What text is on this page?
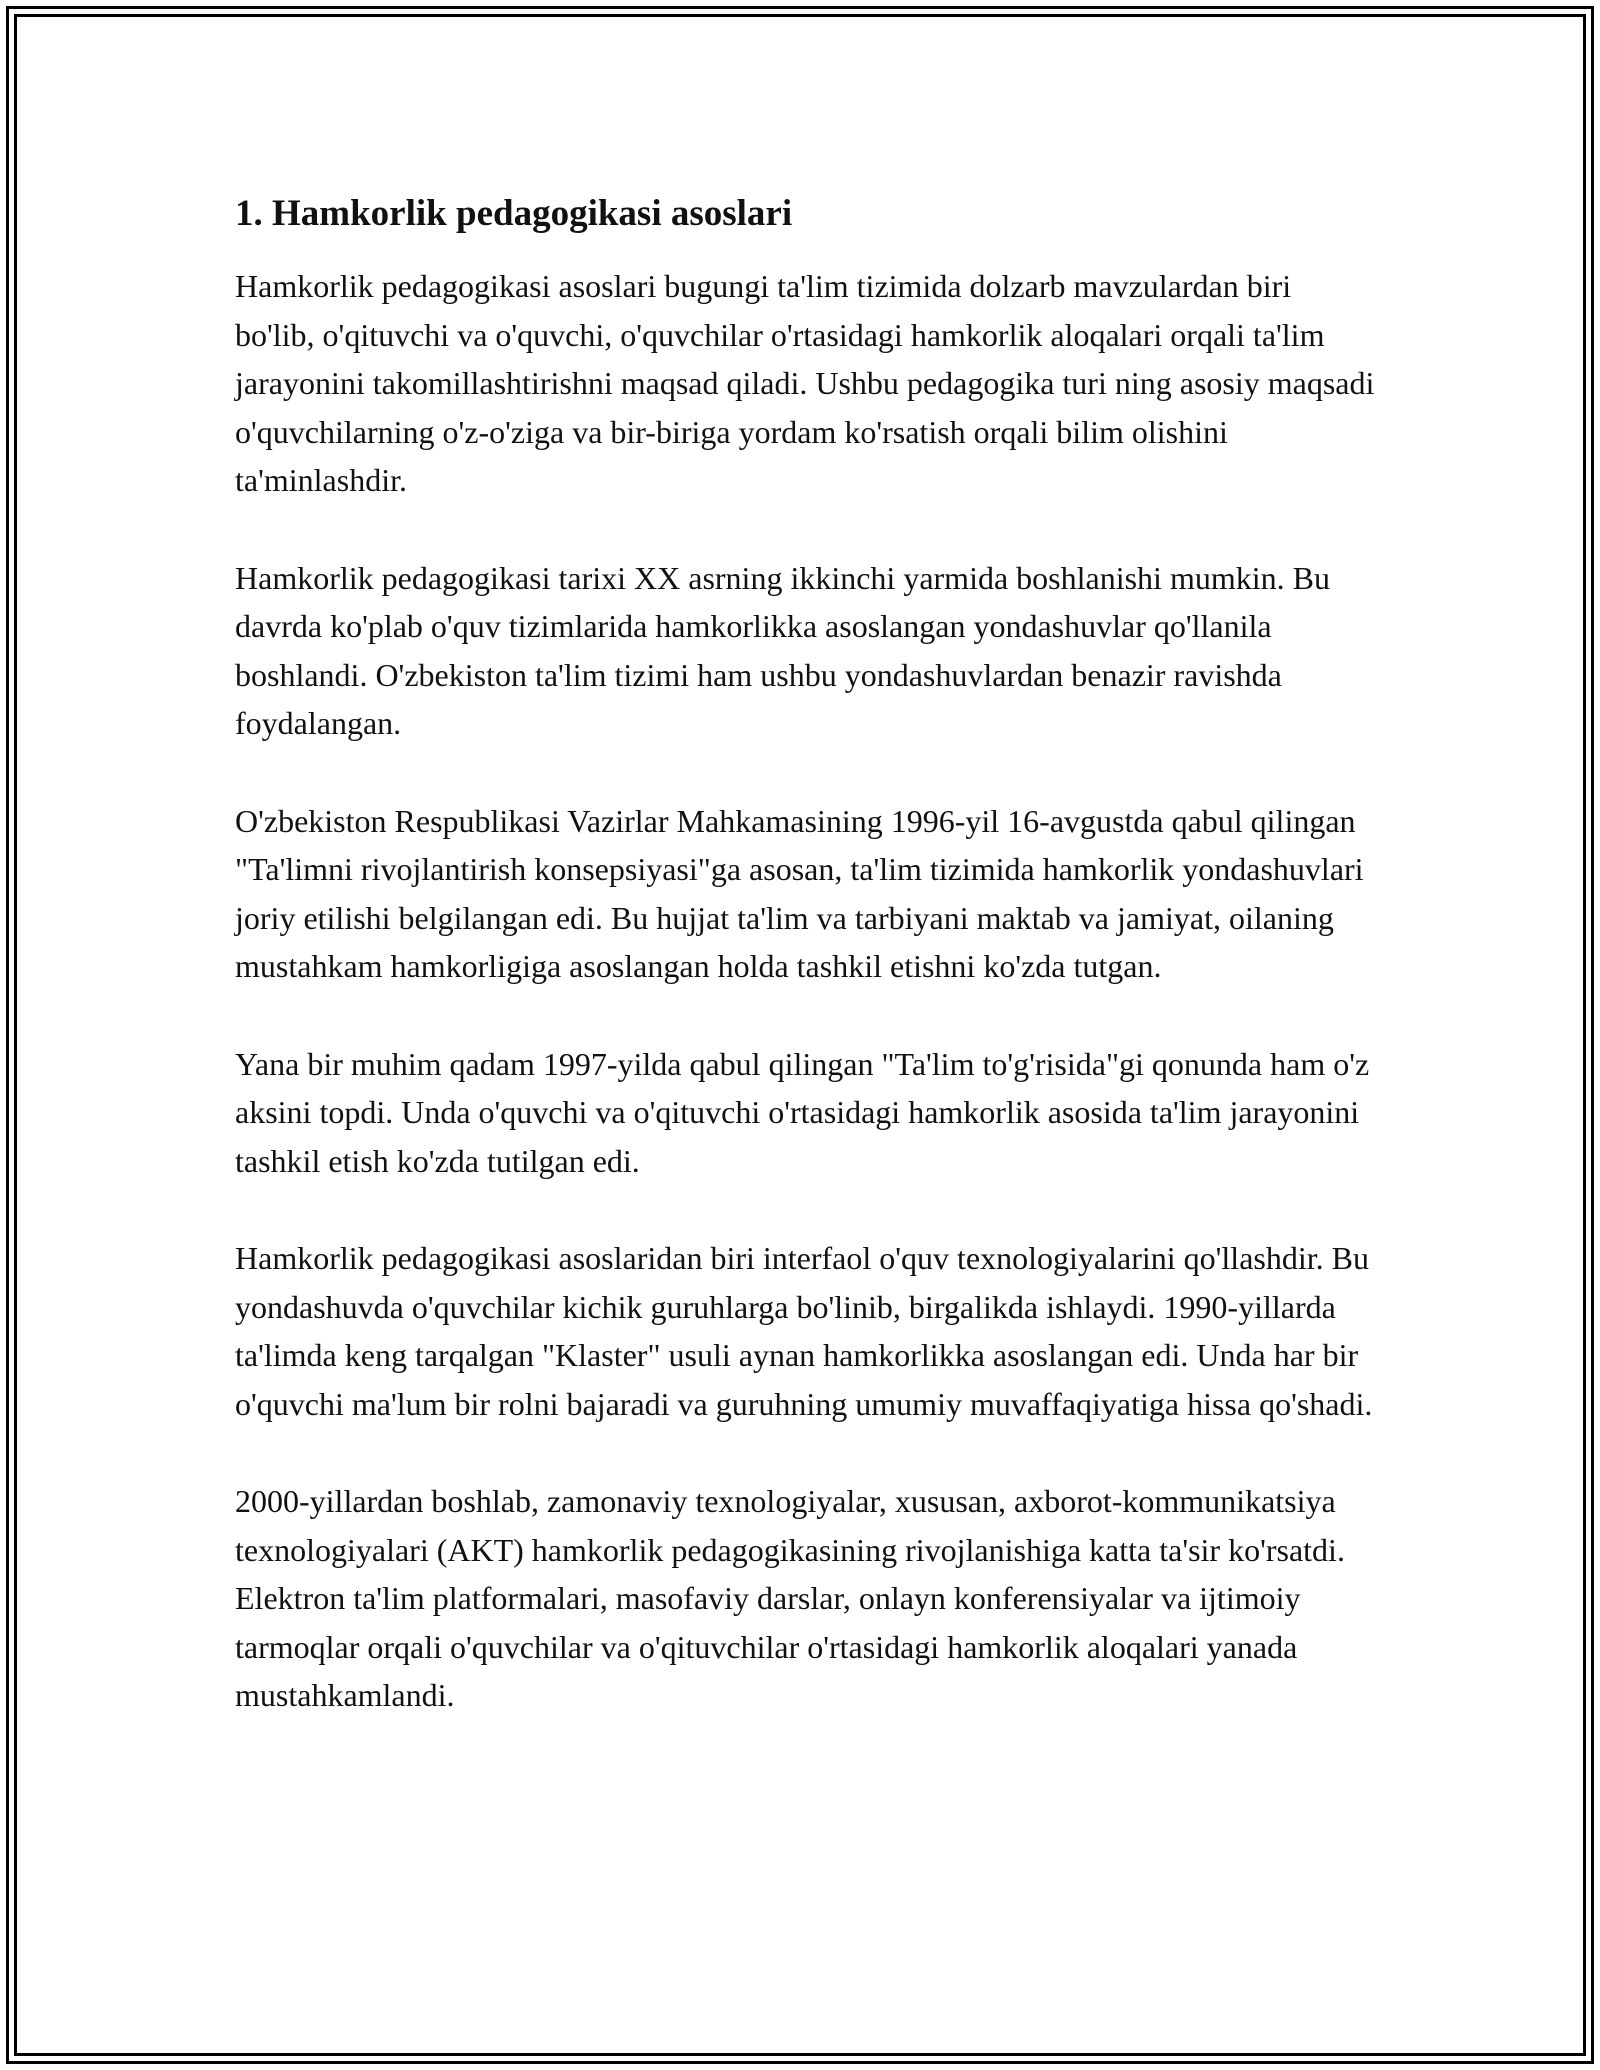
1. Hamkorlik pedagogikasi asoslari

Hamkorlik pedagogikasi asoslari bugungi ta'lim tizimida dolzarb mavzulardan biri bo'lib, o'qituvchi va o'quvchi, o'quvchilar o'rtasidagi hamkorlik aloqalari orqali ta'lim jarayonini takomillashtirishni maqsad qiladi. Ushbu pedagogika turi ning asosiy maqsadi o'quvchilarning o'z-o'ziga va bir-biriga yordam ko'rsatish orqali bilim olishini ta'minlashdir.

Hamkorlik pedagogikasi tarixi XX asrning ikkinchi yarmida boshlanishi mumkin. Bu davrda ko'plab o'quv tizimlarida hamkorlikka asoslangan yondashuvlar qo'llanila boshlandi. O'zbekiston ta'lim tizimi ham ushbu yondashuvlardan benazir ravishda foydalangan.

O'zbekiston Respublikasi Vazirlar Mahkamasining 1996-yil 16-avgustda qabul qilingan "Ta'limni rivojlantirish konsepsiyasi"ga asosan, ta'lim tizimida hamkorlik yondashuvlari joriy etilishi belgilangan edi. Bu hujjat ta'lim va tarbiyani maktab va jamiyat, oilaning mustahkam hamkorligiga asoslangan holda tashkil etishni ko'zda tutgan.

Yana bir muhim qadam 1997-yilda qabul qilingan "Ta'lim to'g'risida"gi qonunda ham o'z aksini topdi. Unda o'quvchi va o'qituvchi o'rtasidagi hamkorlik asosida ta'lim jarayonini tashkil etish ko'zda tutilgan edi.

Hamkorlik pedagogikasi asoslaridan biri interfaol o'quv texnologiyalarini qo'llashdir. Bu yondashuvda o'quvchilar kichik guruhlarga bo'linib, birgalikda ishlaydi. 1990-yillarda ta'limda keng tarqalgan "Klaster" usuli aynan hamkorlikka asoslangan edi. Unda har bir o'quvchi ma'lum bir rolni bajaradi va guruhning umumiy muvaffaqiyatiga hissa qo'shadi.

2000-yillardan boshlab, zamonaviy texnologiyalar, xususan, axborot-kommunikatsiya texnologiyalari (AKT) hamkorlik pedagogikasining rivojlanishiga katta ta'sir ko'rsatdi. Elektron ta'lim platformalari, masofaviy darslar, onlayn konferensiyalar va ijtimoiy tarmoqlar orqali o'quvchilar va o'qituvchilar o'rtasidagi hamkorlik aloqalari yanada mustahkamlandi.
